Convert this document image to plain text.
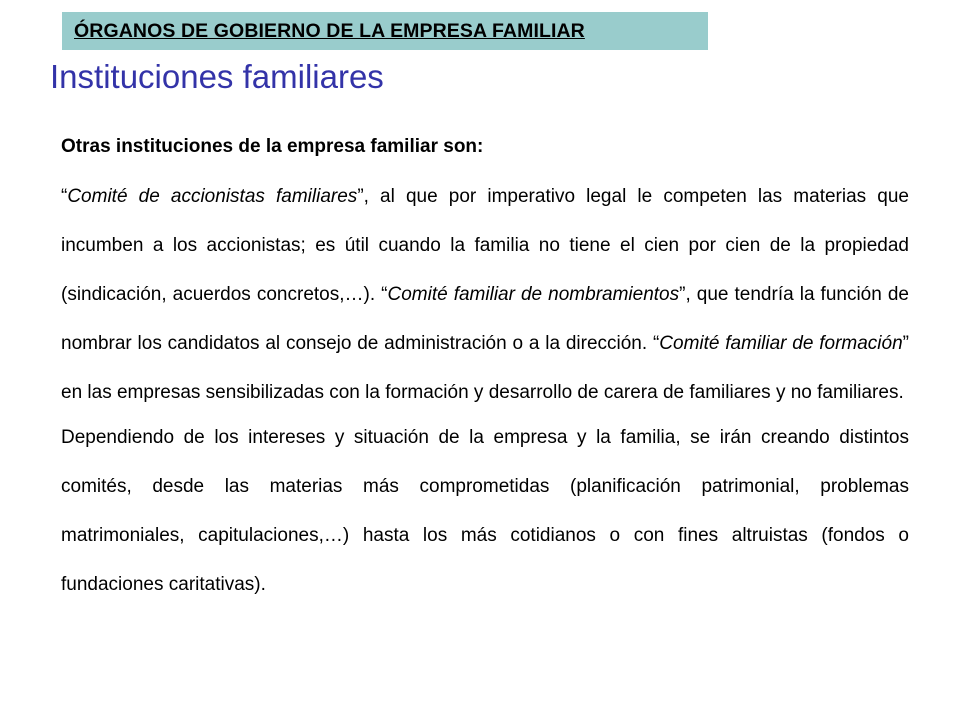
ÓRGANOS DE GOBIERNO DE LA EMPRESA FAMILIAR
Instituciones familiares
Otras instituciones de la empresa familiar son:

“Comité de accionistas familiares”, al que por imperativo legal le competen las materias que incumben a los accionistas; es útil cuando la familia no tiene el cien por cien de la propiedad (sindicación, acuerdos concretos,…). “Comité familiar de nombramientos”, que tendría la función de nombrar los candidatos al consejo de administración o a la dirección. “Comité familiar de formación” en las empresas sensibilizadas con la formación y desarrollo de carera de familiares y no familiares.

Dependiendo de los intereses y situación de la empresa y la familia, se irán creando distintos comités, desde las materias más comprometidas (planificación patrimonial, problemas matrimoniales, capitulaciones,…) hasta los más cotidianos o con fines altruistas (fondos o fundaciones caritativas).
